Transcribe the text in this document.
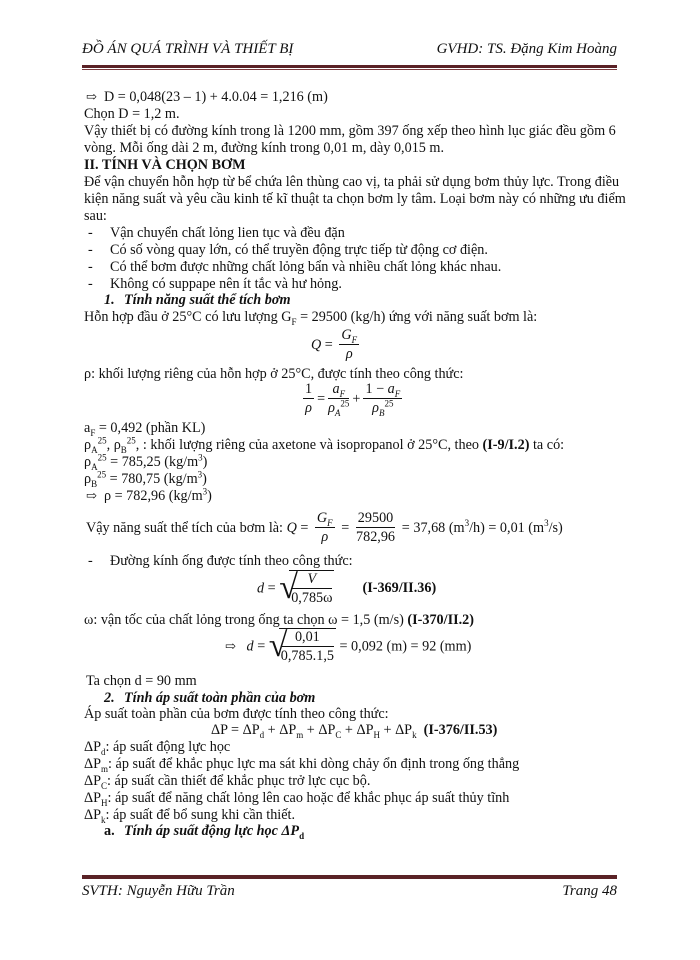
ĐỒ ÁN QUÁ TRÌNH VÀ THIẾT BỊ	GVHD: TS. Đặng Kim Hoàng
⇨ D = 0,048(23 – 1) + 4.0.04 = 1,216 (m)
Chọn D = 1,2 m.
Vậy thiết bị có đường kính trong là 1200 mm, gồm 397 ống xếp theo hình lục giác đều gồm 6
vòng. Mỗi ống dài 2 m, đường kính trong 0,01 m, dày 0,015 m.
II. TÍNH VÀ CHỌN BƠM
Để vận chuyển hỗn hợp từ bể chứa lên thùng cao vị, ta phải sử dụng bơm thủy lực. Trong điều
kiện năng suất và yêu cầu kinh tế kĩ thuật ta chọn bơm ly tâm. Loại bơm này có những ưu điểm
sau:
- Vận chuyển chất lỏng lien tục và đều đặn
- Có số vòng quay lớn, có thể truyền động trực tiếp từ động cơ điện.
- Có thể bơm được những chất lỏng bẩn và nhiều chất lỏng khác nhau.
- Không có suppape nên ít tắc và hư hỏng.
1. Tính năng suất thể tích bơm
Hỗn hợp đầu ở 25°C có lưu lượng $G_F = 29500$ (kg/h) ứng với năng suất bơm là:
$Q = \frac{G_F}{\rho}$
ρ: khối lượng riêng của hỗn hợp ở 25°C, được tính theo công thức:
$\frac{1}{\rho} = \frac{a_F}{\rho_A^{25}} + \frac{1 - a_F}{\rho_B^{25}}$
$a_F = 0,492$ (phần KL)
$\rho_A^{25}$, $\rho_B^{25}$, : khối lượng riêng của axetone và isopropanol ở 25°C, theo (I-9/I.2) ta có:
$\rho_A^{25} = 785,25$ $(kg/m^3)$
$\rho_B^{25} = 780,75$ $(kg/m^3)$
⇨ ρ = 782,96 $(kg/m^3)$
Vậy năng suất thể tích của bơm là: $Q = \frac{G_F}{\rho} = \frac{29500}{782,96} = 37,68$ $(m^3/h) = 0,01$ $(m^3/s)$
- Đường kính ống được tính theo công thức:
d = √
$\frac{V}{0,785\omega} (I-369/II.36)$
ω: vận tốc của chất lỏng trong ống ta chọn ω = 1,5 (m/s) (I-370/II.2)
⇨   d = √
$\frac{0,01}{0,785.1,5} = 0,092$ (m) = 92 (mm)
Ta chọn d = 90 mm
2. Tính áp suất toàn phần của bơm
Áp suất toàn phần của bơm được tính theo công thức:
$\Delta P = \Delta P_d + \Delta P_m + \Delta P_C + \Delta P_H + \Delta P_k$ (I-376/II.53)
$\Delta P_d$: áp suất động lực học
$\Delta P_m$: áp suất để khắc phục lực ma sát khi dòng chảy ổn định trong ống thẳng
$\Delta P_C$: áp suất cần thiết để khắc phục trở lực cục bộ.
$\Delta P_H$: áp suất để năng chất lỏng lên cao hoặc để khắc phục áp suất thủy tĩnh
$\Delta P_k$: áp suất để bổ sung khi cần thiết.
a. Tính áp suất động lực học $\Delta P_d$
SVTH: Nguyễn Hữu Trần	Trang 48
